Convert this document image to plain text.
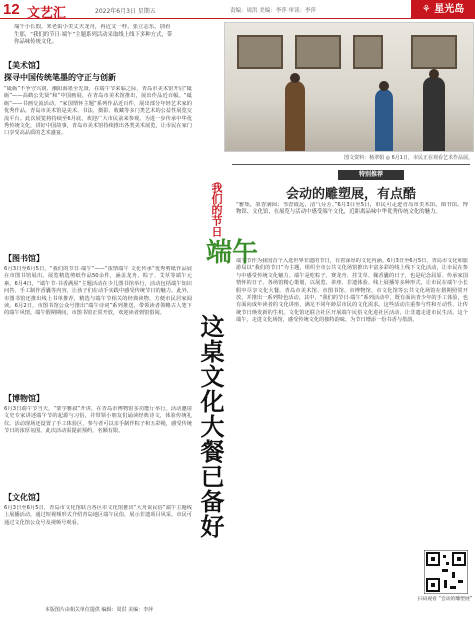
12 文艺汇	2022年6月3日 星期五	责编：周洪 美编：李萍 审读：李萍	⚘ 星光岛
端午小长假，来老街小美丈夫龙舟，再近文一样，张立志东，别看生那，“我们的节日·端午”主题系列活动采取线上线下多种方式，带你品味传统文化。
【美术馆】
探寻中国传统笔墨的守正与创新
“砥砺”不争守兴润，潮阳海墨全先贤，在端午节来临之际，青岛市美术馆开启“砥砺”——高鹤公先贤“和”中国画展，在青岛市美术馆推出，展出作品近百幅。“砥砺”——书画交流活动，“家国情怀主题”系列作品近百件，展出部分年轻艺术家的优秀作品。青岛市美术馆是美术、书法、摄影、收藏等多门类艺术的公益性展览交流平台。此次展览将持续至6月底，欢迎广大市民前来参观。为进一步传承中华优秀传统文化，讲好中国故事，青岛市美术馆持续推出各类美术展览，让市民在家门口享受高品质的艺术盛宴。
【图书馆】
6月3日至6月5日，“我们的节日·端午”——“浓情端午 文化传承”优秀剪纸作品展在市图书馆展出。展览精选剪纸作品50余件，涵盖龙舟、粽子、艾草等端午元素。6月4日，“端午节·书香满屋”主题活动在少儿图书馆举行，活动包括端午知识问答、手工制作香囊等内容，让孩子们在动手实践中感受传统节日的魅力。此外，市图书馆还推出线上书单推荐，精选与端午节相关的经典读物，方便市民居家阅读。6月2日，市图书馆公众号推出“端午诗词”系列推送，带领读者领略古人笔下的端午风情。端午假期期间，市图书馆正常开放，欢迎读者到馆借阅。
【博物馆】
6月3日端午节当天，“蒙学雅叙”开讲，在青岛市博物馆多功能厅举行。活动邀请文史专家讲述端午节的起源与习俗，并带领小朋友们诵读经典诗文，体验传统礼仪。活动现场还设置了手工体验区，参与者可以亲手制作粽子和五彩绳，感受传统节日的浓厚氛围。此次活动需提前预约，名额有限。
【文化馆】
6月3日至6月5日，青岛市文化馆联合各区市文化馆推出“大舟说民俗”端午主题线上展播活动，通过短视频形式介绍青岛地区端午民俗，展示非遗项目风采，市民可通过文化馆公众号及视频号观看。
本版图片由相关单位提供 编辑：周洪 美编：李萍
图文资料：杨翠娟 ◎ 6月1日，市民正在观看艺术作品展。
我们的节日
端午
这桌文化大餐已备好
特别推荐
会动的雕塑展，有点酷
“雅集，墨香满园；书香致远，清气芬芳。”6月3日至5日，市民可走进青岛市美术馆、图书馆、博物馆、文化馆，在展览与活动中感受端午文化，近距离品味中华优秀传统文化的魅力。
端午节作为我国首个入选世界非遗的节日，有着深厚的文化内涵。6月3日至6月5日，青岛市文化和旅游局以“我们的节日”为主题，组织全市公共文化场馆推出丰富多彩的线上线下文化活动，让市民在参与中感受传统文化魅力。端午是吃粽子、赛龙舟、挂艾草、佩香囊的日子，也是纪念屈原、传承家国情怀的日子。各场馆精心策划，以展览、讲座、非遗体验、线上展播等多种形式，让市民在端午小长假中尽享文化大餐。青岛市美术馆、市图书馆、市博物馆、市文化馆等公共文化场馆在假期照常开放，并推出一系列特色活动。其中，“我们的节日·端午”系列活动中，既有面向青少年的手工体验，也有面向成年读者的文化讲座，满足不同年龄层市民的文化需求。这些活动注重参与性和互动性，让传统节日焕发新的生机。文化馆还联合社区开展端午民俗文化进社区活动，让非遗走进市民生活。这个端午，走进文化场馆，感受传统文化的独特韵味，为节日增添一份书香与墨韵。
扫码观看 “会动的雕塑展”
